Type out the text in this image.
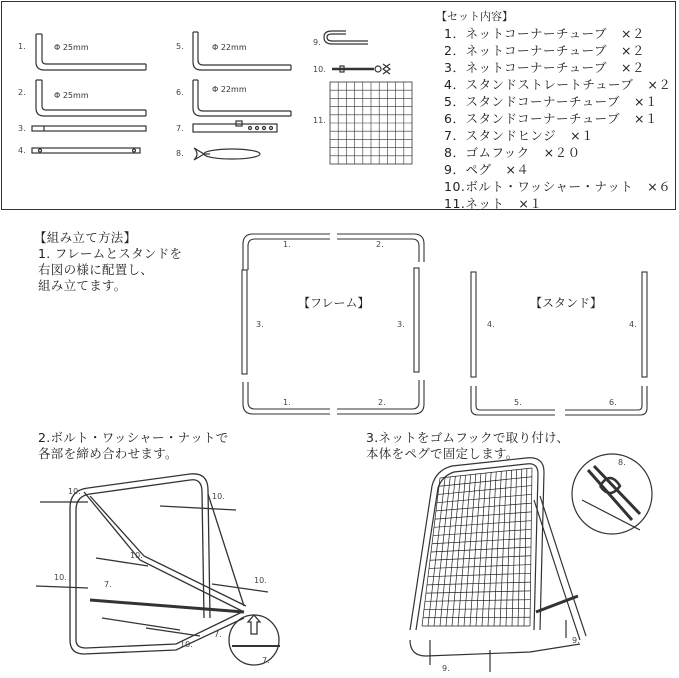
1.	Φ 25mm
2.	Φ 25mm
3.
4.
5.	Φ 22mm
6.	Φ 22mm
7.
8.
9.
10.
11.
【セット内容】
1．ネットコーナーチューブ ×２
2．ネットコーナーチューブ ×２
3．ネットコーナーチューブ ×２
4．スタンドストレートチューブ ×２
5．スタンドコーナーチューブ ×１
6．スタンドコーナーチューブ ×１
7．スタンドヒンジ ×１
8．ゴムフック ×２０
9．ペグ ×４
10.ボルト・ワッシャー・ナット ×６
11.ネット ×１
【組み立て方法】
1. フレームとスタンドを
右図の様に配置し、
組み立てます。
1.	2.
3.	3.
1.	2.
【フレーム】	【スタンド】
4.	4.
5.	6.
2.ボルト・ワッシャー・ナットで
各部を締め合わせます。
3.ネットをゴムフックで取り付け、
本体をペグで固定します。
10.
10.
10.
10.	10.
7.
7.
7.
10.
8.
9.
9.
